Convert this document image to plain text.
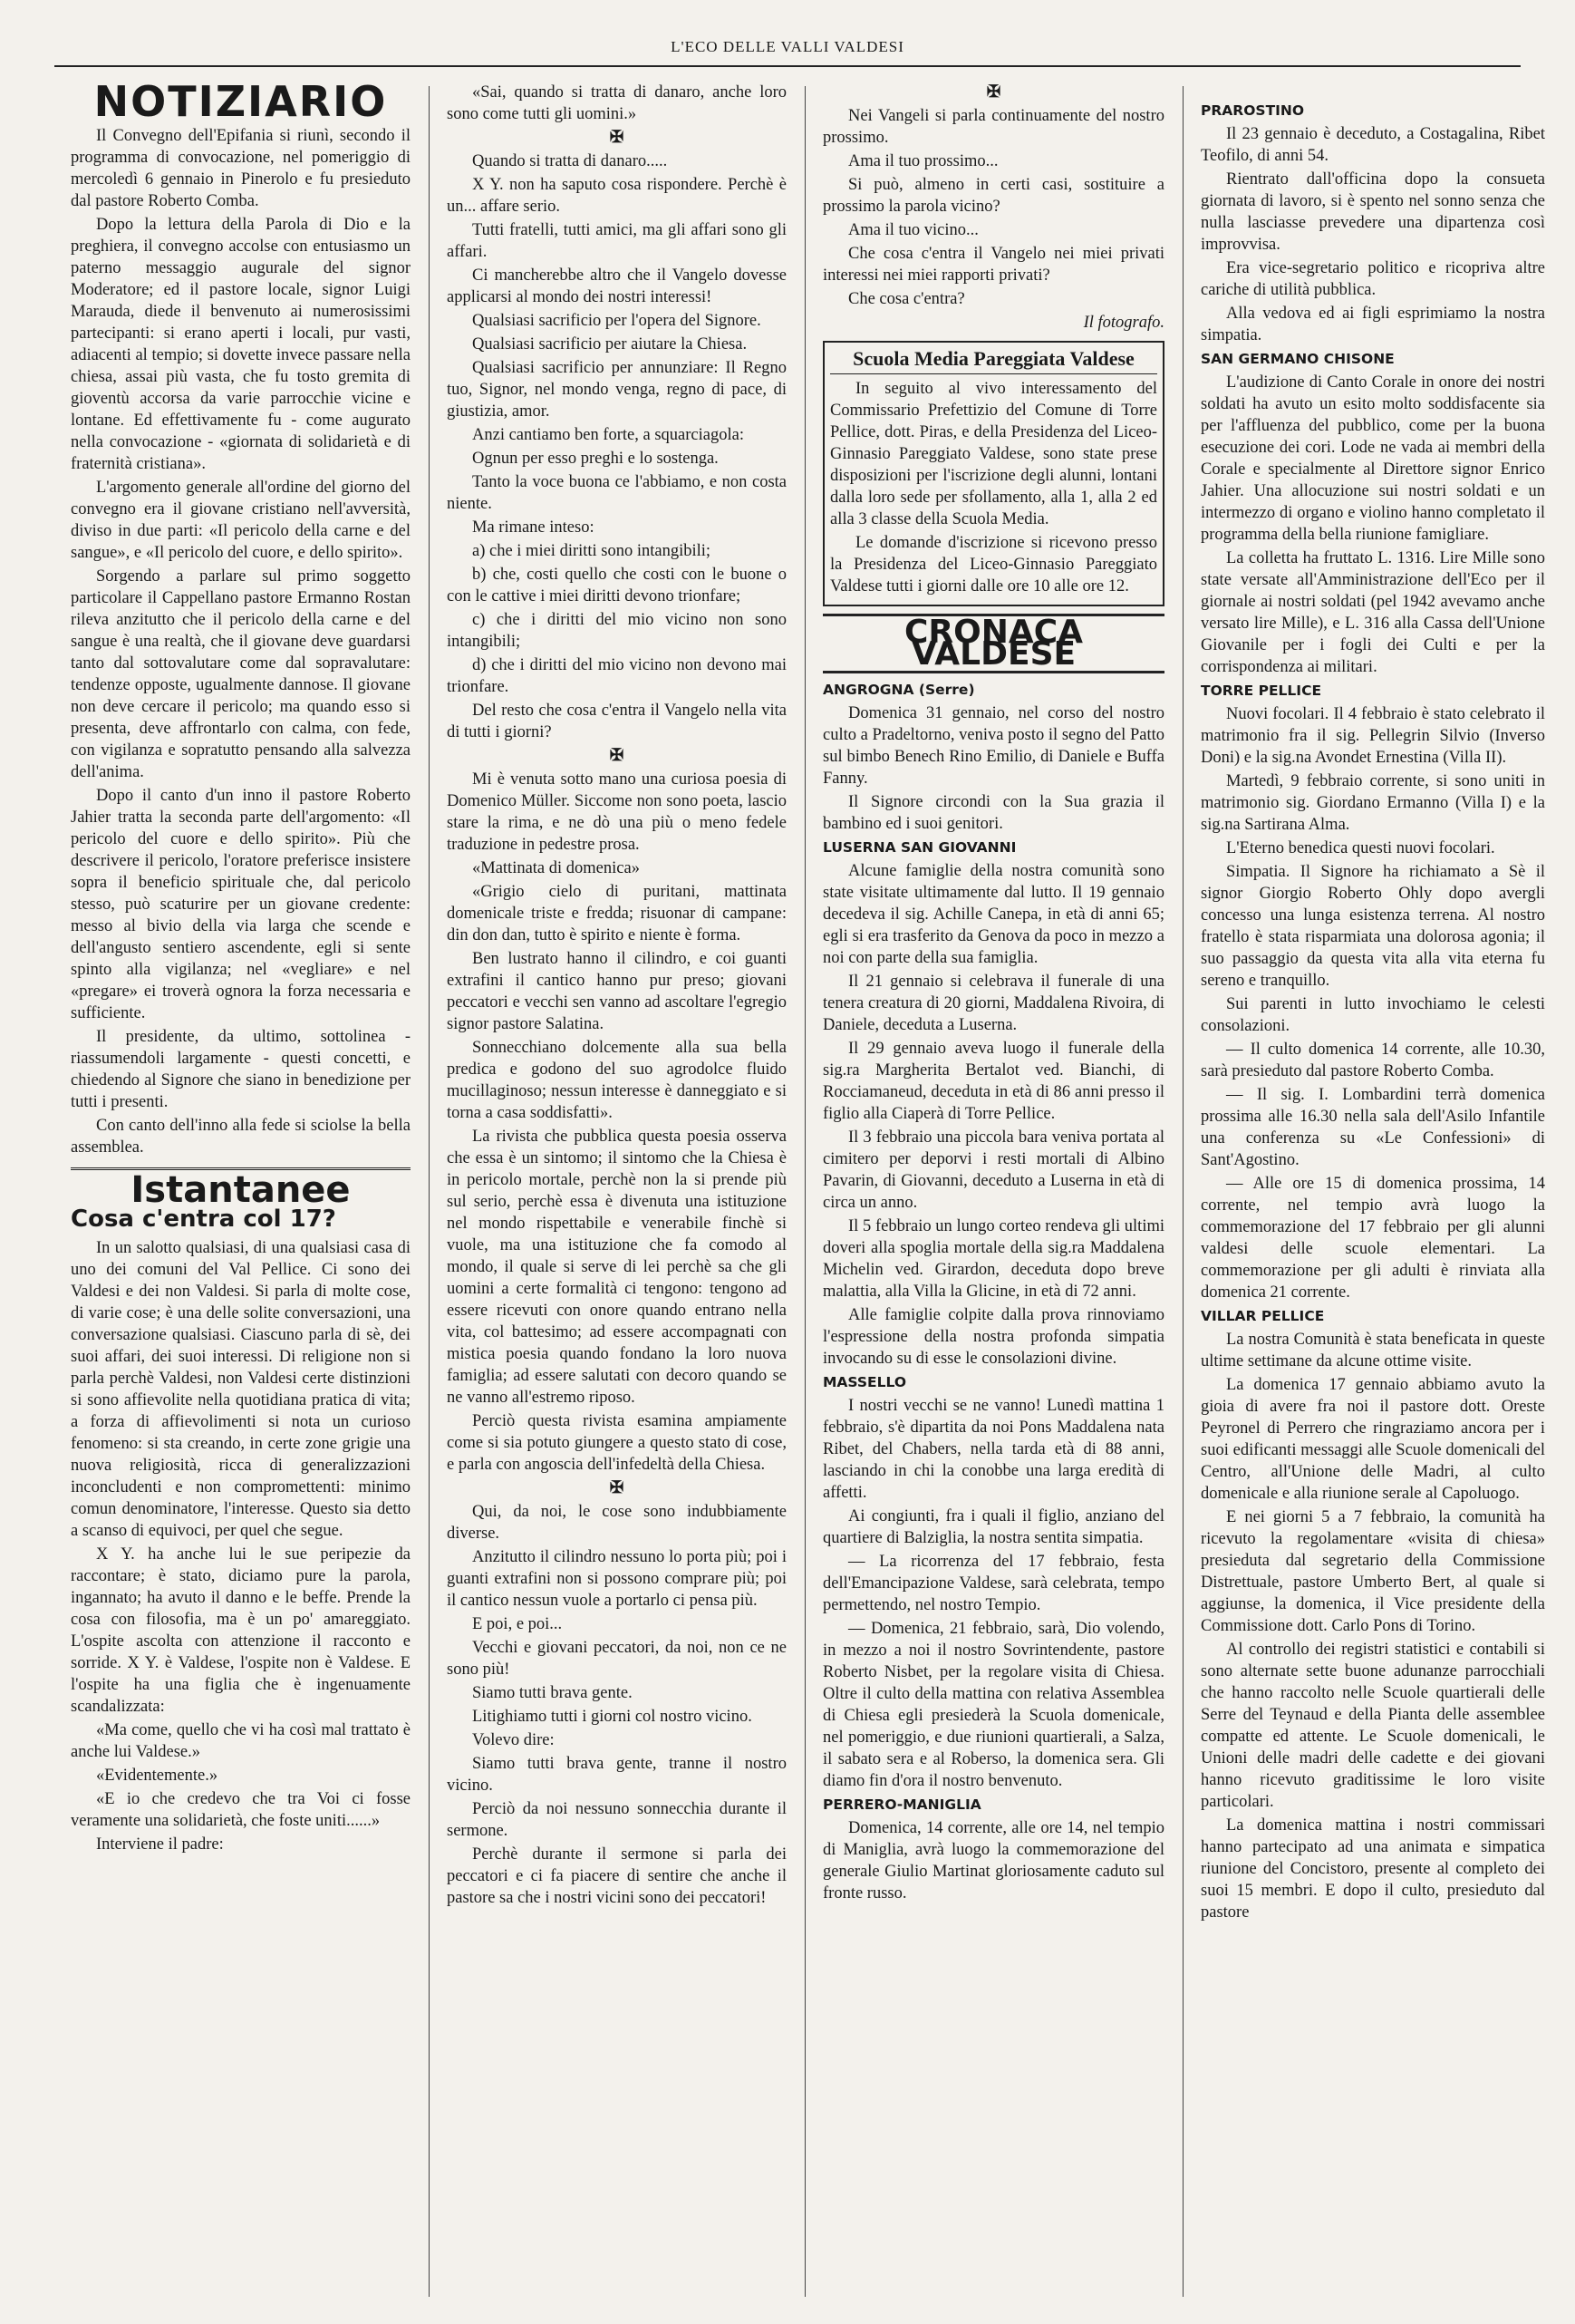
L'ECO DELLE VALLI VALDESI
NOTIZIARIO

Il Convegno dell'Epifania si riunì, secondo il programma di convocazione, nel pomeriggio di mercoledì 6 gennaio in Pinerolo e fu presieduto dal pastore Roberto Comba.

Dopo la lettura della Parola di Dio e la preghiera, il convegno accolse con entusiasmo un paterno messaggio augurale del signor Moderatore; ed il pastore locale, signor Luigi Marauda, diede il benvenuto ai numerosissimi partecipanti: si erano aperti i locali, pur vasti, adiacenti al tempio; si dovette invece passare nella chiesa, assai più vasta, che fu tosto gremita di gioventù accorsa da varie parrocchie vicine e lontane. Ed effettivamente fu - come augurato nella convocazione - «giornata di solidarietà e di fraternità cristiana».

L'argomento generale all'ordine del giorno del convegno era il giovane cristiano nell'avversità, diviso in due parti: «Il pericolo della carne e del sangue», e «Il pericolo del cuore, e dello spirito».

Sorgendo a parlare sul primo soggetto particolare il Cappellano pastore Ermanno Rostan rileva anzitutto che il pericolo della carne e del sangue è una realtà, che il giovane deve guardarsi tanto dal sottovalutare come dal sopravalutare: tendenze opposte, ugualmente dannose. Il giovane non deve cercare il pericolo; ma quando esso si presenta, deve affrontarlo con calma, con fede, con vigilanza e sopratutto pensando alla salvezza dell'anima.

Dopo il canto d'un inno il pastore Roberto Jahier tratta la seconda parte dell'argomento: «Il pericolo del cuore e dello spirito». Più che descrivere il pericolo, l'oratore preferisce insistere sopra il beneficio spirituale che, dal pericolo stesso, può scaturire per un giovane credente: messo al bivio della via larga che scende e dell'angusto sentiero ascendente, egli si sente spinto alla vigilanza; nel «vegliare» e nel «pregare» ei troverà ognora la forza necessaria e sufficiente.

Il presidente, da ultimo, sottolinea - riassumendoli largamente - questi concetti, e chiedendo al Signore che siano in benedizione per tutti i presenti.

Con canto dell'inno alla fede si sciolse la bella assemblea.

Istantanee
Cosa c'entra col 17?

In un salotto qualsiasi, di una qualsiasi casa di uno dei comuni del Val Pellice. Ci sono dei Valdesi e dei non Valdesi. Si parla di molte cose, di varie cose; è una delle solite conversazioni, una conversazione qualsiasi. Ciascuno parla di sè, dei suoi affari, dei suoi interessi. Di religione non si parla perchè Valdesi, non Valdesi certe distinzioni si sono affievolite nella quotidiana pratica di vita; a forza di affievolimenti si nota un curioso fenomeno: si sta creando, in certe zone grigie una nuova religiosità, ricca di generalizzazioni inconcludenti e non compromettenti: minimo comun denominatore, l'interesse. Questo sia detto a scanso di equivoci, per quel che segue.

X Y. ha anche lui le sue peripezie da raccontare; è stato, diciamo pure la parola, ingannato; ha avuto il danno e le beffe. Prende la cosa con filosofia, ma è un po' amareggiato. L'ospite ascolta con attenzione il racconto e sorride. X Y. è Valdese, l'ospite non è Valdese. E l'ospite ha una figlia che è ingenuamente scandalizzata:

«Ma come, quello che vi ha così mal trattato è anche lui Valdese.»

«Evidentemente.»

«E io che credevo che tra Voi ci fosse veramente una solidarietà, che foste uniti......»

Interviene il padre:

«Sai, quando si tratta di danaro, anche loro sono come tutti gli uomini.»

✠

Quando si tratta di danaro.....

X Y. non ha saputo cosa rispondere. Perchè è un... affare serio.

Tutti fratelli, tutti amici, ma gli affari sono gli affari.

Ci mancherebbe altro che il Vangelo dovesse applicarsi al mondo dei nostri interessi!

Qualsiasi sacrificio per l'opera del Signore.

Qualsiasi sacrificio per aiutare la Chiesa.

Qualsiasi sacrificio per annunziare: Il Regno tuo, Signor, nel mondo venga, regno di pace, di giustizia, amor.

Anzi cantiamo ben forte, a squarciagola:

Ognun per esso preghi e lo sostenga.

Tanto la voce buona ce l'abbiamo, e non costa niente.

Ma rimane inteso:

a) che i miei diritti sono intangibili;

b) che, costi quello che costi con le buone o con le cattive i miei diritti devono trionfare;

c) che i diritti del mio vicino non sono intangibili;

d) che i diritti del mio vicino non devono mai trionfare.

Del resto che cosa c'entra il Vangelo nella vita di tutti i giorni?

✠

Mi è venuta sotto mano una curiosa poesia di Domenico Müller. Siccome non sono poeta, lascio stare la rima, e ne dò una più o meno fedele traduzione in pedestre prosa.

«Mattinata di domenica»

«Grigio cielo di puritani, mattinata domenicale triste e fredda; risuonar di campane: din don dan, tutto è spirito e niente è forma.

Ben lustrato hanno il cilindro, e coi guanti extrafini il cantico hanno pur preso; giovani peccatori e vecchi sen vanno ad ascoltare l'egregio signor pastore Salatina.

Sonnecchiano dolcemente alla sua bella predica e godono del suo agrodolce fluido mucillaginoso; nessun interesse è danneggiato e si torna a casa soddisfatti».

La rivista che pubblica questa poesia osserva che essa è un sintomo; il sintomo che la Chiesa è in pericolo mortale, perchè non la si prende più sul serio, perchè essa è divenuta una istituzione nel mondo rispettabile e venerabile finchè si vuole, ma una istituzione che fa comodo al mondo, il quale si serve di lei perchè sa che gli uomini a certe formalità ci tengono: tengono ad essere ricevuti con onore quando entrano nella vita, col battesimo; ad essere accompagnati con mistica poesia quando fondano la loro nuova famiglia; ad essere salutati con decoro quando se ne vanno all'estremo riposo.

Perciò questa rivista esamina ampiamente come si sia potuto giungere a questo stato di cose, e parla con angoscia dell'infedeltà della Chiesa.

✠

Qui, da noi, le cose sono indubbiamente diverse.

Anzitutto il cilindro nessuno lo porta più; poi i guanti extrafini non si possono comprare più; poi il cantico nessun vuole a portarlo ci pensa più.

E poi, e poi...

Vecchi e giovani peccatori, da noi, non ce ne sono più!

Siamo tutti brava gente.

Litighiamo tutti i giorni col nostro vicino.

Volevo dire:

Siamo tutti brava gente, tranne il nostro vicino.

Perciò da noi nessuno sonnecchia durante il sermone.

Perchè durante il sermone si parla dei peccatori e ci fa piacere di sentire che anche il pastore sa che i nostri vicini sono dei peccatori!

✠

Nei Vangeli si parla continuamente del nostro prossimo.

Ama il tuo prossimo...

Si può, almeno in certi casi, sostituire a prossimo la parola vicino?

Ama il tuo vicino...

Che cosa c'entra il Vangelo nei miei privati interessi nei miei rapporti privati?

Che cosa c'entra?

Il fotografo.
Scuola Media Pareggiata Valdese

In seguito al vivo interessamento del Commissario Prefettizio del Comune di Torre Pellice, dott. Piras, e della Presidenza del Liceo-Ginnasio Pareggiato Valdese, sono state prese disposizioni per l'iscrizione degli alunni, lontani dalla loro sede per sfollamento, alla 1, alla 2 ed alla 3 classe della Scuola Media.

Le domande d'iscrizione si ricevono presso la Presidenza del Liceo-Ginnasio Pareggiato Valdese tutti i giorni dalle ore 10 alle ore 12.

CRONACA VALDESE

ANGROGNA (Serre)

Domenica 31 gennaio, nel corso del nostro culto a Pradeltorno, veniva posto il segno del Patto sul bimbo Benech Rino Emilio, di Daniele e Buffa Fanny.

Il Signore circondi con la Sua grazia il bambino ed i suoi genitori.

LUSERNA SAN GIOVANNI

Alcune famiglie della nostra comunità sono state visitate ultimamente dal lutto. Il 19 gennaio decedeva il sig. Achille Canepa, in età di anni 65; egli si era trasferito da Genova da poco in mezzo a noi con parte della sua famiglia.

Il 21 gennaio si celebrava il funerale di una tenera creatura di 20 giorni, Maddalena Rivoira, di Daniele, deceduta a Luserna.

Il 29 gennaio aveva luogo il funerale della sig.ra Margherita Bertalot ved. Bianchi, di Rocciamaneud, deceduta in età di 86 anni presso il figlio alla Ciaperà di Torre Pellice.

Il 3 febbraio una piccola bara veniva portata al cimitero per deporvi i resti mortali di Albino Pavarin, di Giovanni, deceduto a Luserna in età di circa un anno.

Il 5 febbraio un lungo corteo rendeva gli ultimi doveri alla spoglia mortale della sig.ra Maddalena Michelin ved. Girardon, deceduta dopo breve malattia, alla Villa la Glicine, in età di 72 anni.

Alle famiglie colpite dalla prova rinnoviamo l'espressione della nostra profonda simpatia invocando su di esse le consolazioni divine.

MASSELLO

I nostri vecchi se ne vanno! Lunedì mattina 1 febbraio, s'è dipartita da noi Pons Maddalena nata Ribet, del Chabers, nella tarda età di 88 anni, lasciando in chi la conobbe una larga eredità di affetti.

Ai congiunti, fra i quali il figlio, anziano del quartiere di Balziglia, la nostra sentita simpatia.

— La ricorrenza del 17 febbraio, festa dell'Emancipazione Valdese, sarà celebrata, tempo permettendo, nel nostro Tempio.

— Domenica, 21 febbraio, sarà, Dio volendo, in mezzo a noi il nostro Sovrintendente, pastore Roberto Nisbet, per la regolare visita di Chiesa. Oltre il culto della mattina con relativa Assemblea di Chiesa egli presiederà la Scuola domenicale, nel pomeriggio, e due riunioni quartierali, a Salza, il sabato sera e al Roberso, la domenica sera. Gli diamo fin d'ora il nostro benvenuto.

PERRERO-MANIGLIA

Domenica, 14 corrente, alle ore 14, nel tempio di Maniglia, avrà luogo la commemorazione del generale Giulio Martinat gloriosamente caduto sul fronte russo.

PRAROSTINO

Il 23 gennaio è deceduto, a Costagalina, Ribet Teofilo, di anni 54.

Rientrato dall'officina dopo la consueta giornata di lavoro, si è spento nel sonno senza che nulla lasciasse prevedere una dipartenza così improvvisa.

Era vice-segretario politico e ricopriva altre cariche di utilità pubblica.

Alla vedova ed ai figli esprimiamo la nostra simpatia.

SAN GERMANO CHISONE

L'audizione di Canto Corale in onore dei nostri soldati ha avuto un esito molto soddisfacente sia per l'affluenza del pubblico, come per la buona esecuzione dei cori. Lode ne vada ai membri della Corale e specialmente al Direttore signor Enrico Jahier. Una allocuzione sui nostri soldati e un intermezzo di organo e violino hanno completato il programma della bella riunione famigliare.

La colletta ha fruttato L. 1316. Lire Mille sono state versate all'Amministrazione dell'Eco per il giornale ai nostri soldati (pel 1942 avevamo anche versato lire Mille), e L. 316 alla Cassa dell'Unione Giovanile per i fogli dei Culti e per la corrispondenza ai militari.

TORRE PELLICE

Nuovi focolari. Il 4 febbraio è stato celebrato il matrimonio fra il sig. Pellegrin Silvio (Inverso Doni) e la sig.na Avondet Ernestina (Villa II).

Martedì, 9 febbraio corrente, si sono uniti in matrimonio sig. Giordano Ermanno (Villa I) e la sig.na Sartirana Alma.

L'Eterno benedica questi nuovi focolari.

Simpatia. Il Signore ha richiamato a Sè il signor Giorgio Roberto Ohly dopo avergli concesso una lunga esistenza terrena. Al nostro fratello è stata risparmiata una dolorosa agonia; il suo passaggio da questa vita alla vita eterna fu sereno e tranquillo.

Sui parenti in lutto invochiamo le celesti consolazioni.

— Il culto domenica 14 corrente, alle 10.30, sarà presieduto dal pastore Roberto Comba.

— Il sig. I. Lombardini terrà domenica prossima alle 16.30 nella sala dell'Asilo Infantile una conferenza su «Le Confessioni» di Sant'Agostino.

— Alle ore 15 di domenica prossima, 14 corrente, nel tempio avrà luogo la commemorazione del 17 febbraio per gli alunni valdesi delle scuole elementari. La commemorazione per gli adulti è rinviata alla domenica 21 corrente.

VILLAR PELLICE

La nostra Comunità è stata beneficata in queste ultime settimane da alcune ottime visite.

La domenica 17 gennaio abbiamo avuto la gioia di avere fra noi il pastore dott. Oreste Peyronel di Perrero che ringraziamo ancora per i suoi edificanti messaggi alle Scuole domenicali del Centro, all'Unione delle Madri, al culto domenicale e alla riunione serale al Capoluogo.

E nei giorni 5 a 7 febbraio, la comunità ha ricevuto la regolamentare «visita di chiesa» presieduta dal segretario della Commissione Distrettuale, pastore Umberto Bert, al quale si aggiunse, la domenica, il Vice presidente della Commissione dott. Carlo Pons di Torino.

Al controllo dei registri statistici e contabili si sono alternate sette buone adunanze parrocchiali che hanno raccolto nelle Scuole quartierali delle Serre del Teynaud e della Pianta delle assemblee compatte ed attente. Le Scuole domenicali, le Unioni delle madri delle cadette e dei giovani hanno ricevuto graditissime le loro visite particolari.

La domenica mattina i nostri commissari hanno partecipato ad una animata e simpatica riunione del Concistoro, presente al completo dei suoi 15 membri. E dopo il culto, presieduto dal pastore
